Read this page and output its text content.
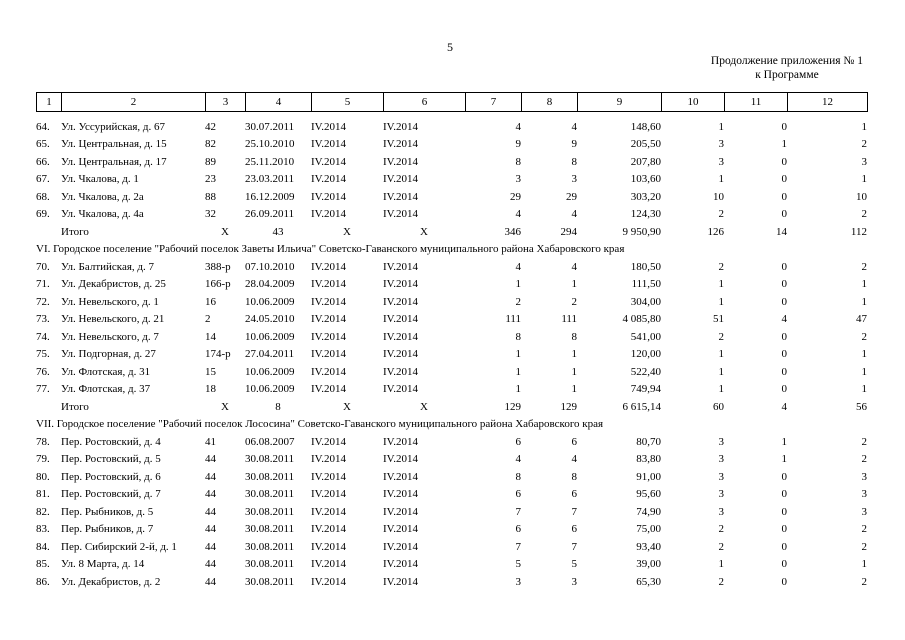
5
Продолжение приложения № 1
к Программе
1	2	3	4	5	6	7	8	9	10	11	12
64.	Ул. Уссурийская, д. 67	42	30.07.2011	IV.2014	IV.2014	4	4	148,60	1	0	1
65.	Ул. Центральная, д. 15	82	25.10.2010	IV.2014	IV.2014	9	9	205,50	3	1	2
66.	Ул. Центральная, д. 17	89	25.11.2010	IV.2014	IV.2014	8	8	207,80	3	0	3
67.	Ул. Чкалова, д. 1	23	23.03.2011	IV.2014	IV.2014	3	3	103,60	1	0	1
68.	Ул. Чкалова, д. 2а	88	16.12.2009	IV.2014	IV.2014	29	29	303,20	10	0	10
69.	Ул. Чкалова, д. 4а	32	26.09.2011	IV.2014	IV.2014	4	4	124,30	2	0	2
	Итого	X	43	X	X	346	294	9 950,90	126	14	112
VI. Городское поселение "Рабочий поселок Заветы Ильича" Советско-Гаванского муниципального района Хабаровского края											
70.	Ул. Балтийская, д. 7	388-р	07.10.2010	IV.2014	IV.2014	4	4	180,50	2	0	2
71.	Ул. Декабристов, д. 25	166-р	28.04.2009	IV.2014	IV.2014	1	1	111,50	1	0	1
72.	Ул. Невельского, д. 1	16	10.06.2009	IV.2014	IV.2014	2	2	304,00	1	0	1
73.	Ул. Невельского, д. 21	2	24.05.2010	IV.2014	IV.2014	111	111	4 085,80	51	4	47
74.	Ул. Невельского, д. 7	14	10.06.2009	IV.2014	IV.2014	8	8	541,00	2	0	2
75.	Ул. Подгорная, д. 27	174-р	27.04.2011	IV.2014	IV.2014	1	1	120,00	1	0	1
76.	Ул. Флотская, д. 31	15	10.06.2009	IV.2014	IV.2014	1	1	522,40	1	0	1
77.	Ул. Флотская, д. 37	18	10.06.2009	IV.2014	IV.2014	1	1	749,94	1	0	1
	Итого	X	8	X	X	129	129	6 615,14	60	4	56
VII. Городское поселение "Рабочий поселок Лососина" Советско-Гаванского муниципального района Хабаровского края											
78.	Пер. Ростовский, д. 4	41	06.08.2007	IV.2014	IV.2014	6	6	80,70	3	1	2
79.	Пер. Ростовский, д. 5	44	30.08.2011	IV.2014	IV.2014	4	4	83,80	3	1	2
80.	Пер. Ростовский, д. 6	44	30.08.2011	IV.2014	IV.2014	8	8	91,00	3	0	3
81.	Пер. Ростовский, д. 7	44	30.08.2011	IV.2014	IV.2014	6	6	95,60	3	0	3
82.	Пер. Рыбников, д. 5	44	30.08.2011	IV.2014	IV.2014	7	7	74,90	3	0	3
83.	Пер. Рыбников, д. 7	44	30.08.2011	IV.2014	IV.2014	6	6	75,00	2	0	2
84.	Пер. Сибирский 2-й, д. 1	44	30.08.2011	IV.2014	IV.2014	7	7	93,40	2	0	2
85.	Ул. 8 Марта, д. 14	44	30.08.2011	IV.2014	IV.2014	5	5	39,00	1	0	1
86.	Ул. Декабристов, д. 2	44	30.08.2011	IV.2014	IV.2014	3	3	65,30	2	0	2
